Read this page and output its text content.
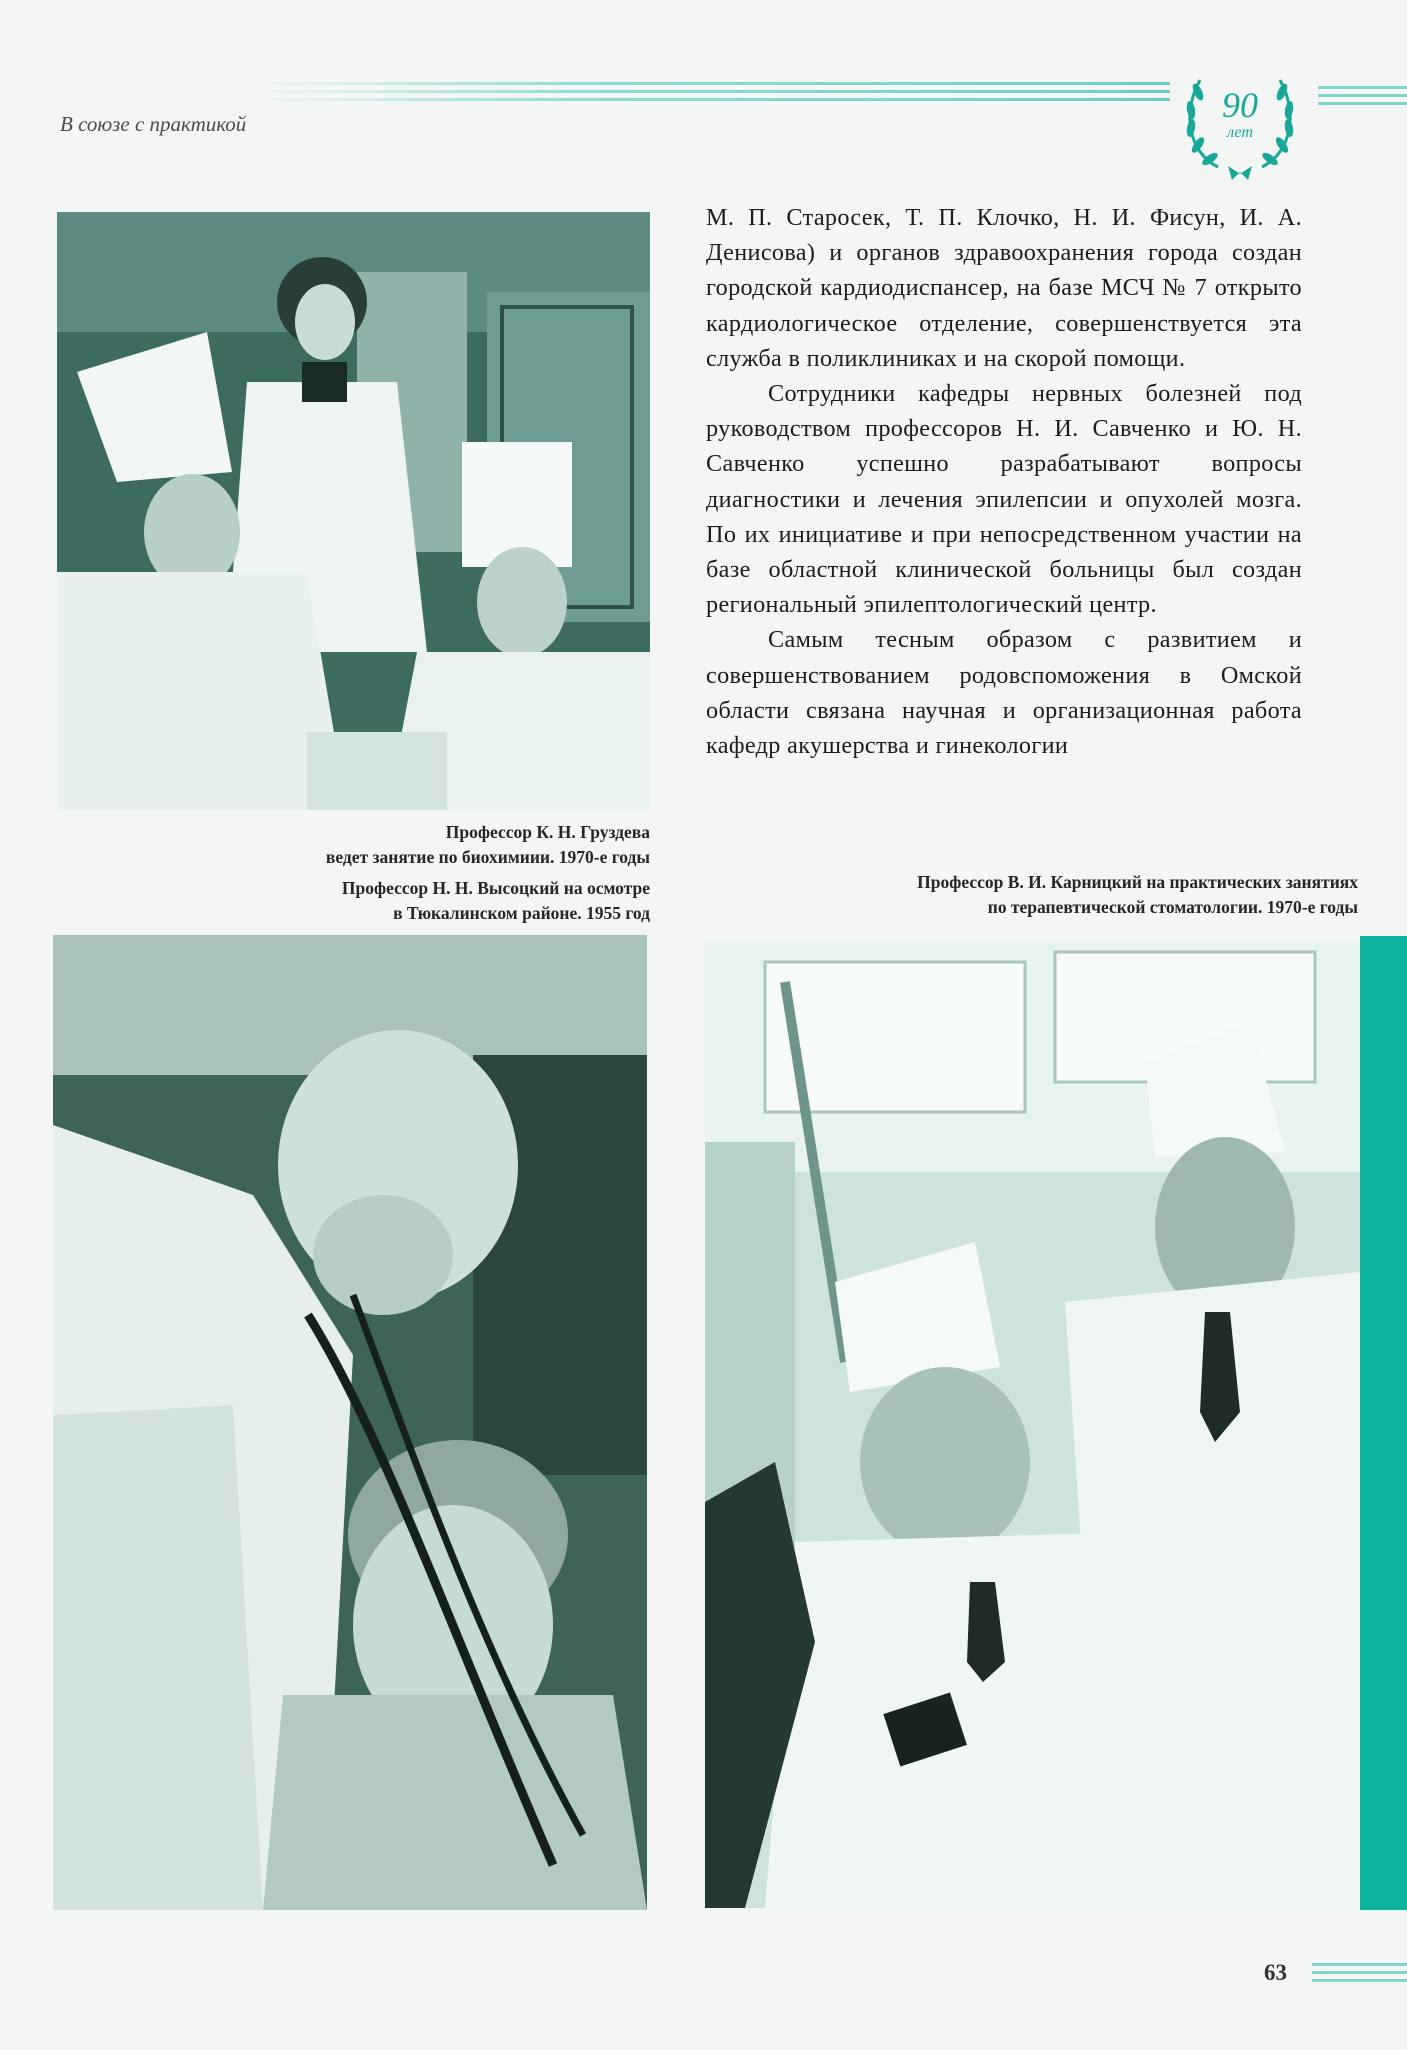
В союзе с практикой	90
лет

М. П. Старосек, Т. П. Клочко, Н. И. Фисун, И. А. Денисова) и органов здравоохранения города создан городской кардиодиспансер, на базе МСЧ № 7 открыто кардиологическое отделение, совершенствуется эта служба в поликлиниках и на скорой помощи.

Сотрудники кафедры нервных болезней под руководством профессоров Н. И. Савченко и Ю. Н. Савченко успешно разрабатывают вопросы диагностики и лечения эпилепсии и опухолей мозга. По их инициативе и при непосредственном участии на базе областной клинической больницы был создан региональный эпилептологический центр.

Самым тесным образом с развитием и совершенствованием родовспоможения в Омской области связана научная и организационная работа кафедр акушерства и гинекологии

Профессор К. Н. Груздева
ведет занятие по биохимиии. 1970-е годы
Профессор Н. Н. Высоцкий на осмотре
в Тюкалинском районе. 1955 год
Профессор В. И. Карницкий на практических занятиях
по терапевтической стоматологии. 1970-е годы
63
